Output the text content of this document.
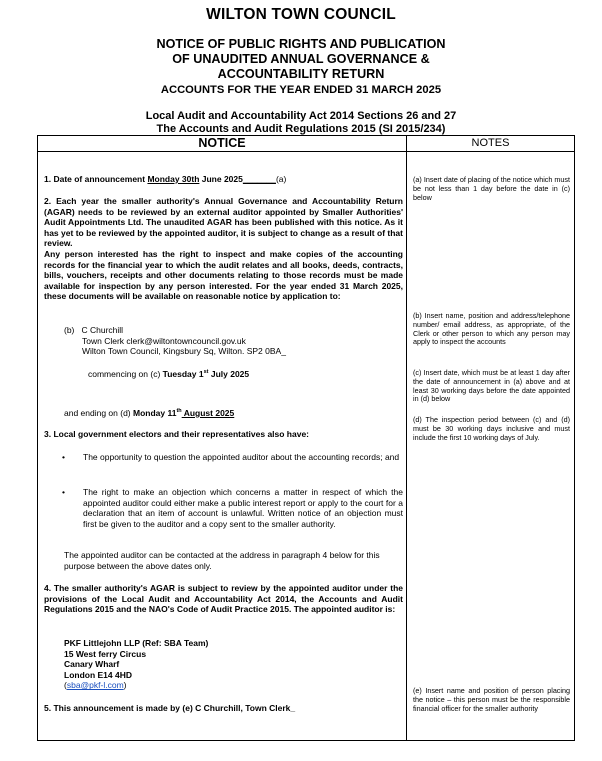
WILTON TOWN COUNCIL
NOTICE OF PUBLIC RIGHTS AND PUBLICATION
OF UNAUDITED ANNUAL GOVERNANCE &
ACCOUNTABILITY RETURN
ACCOUNTS FOR THE YEAR ENDED 31 MARCH 2025
Local Audit and Accountability Act 2014 Sections 26 and 27
The Accounts and Audit Regulations 2015 (SI 2015/234)
NOTICE	NOTES
1. Date of announcement Monday 30th June 2025_______(a)
2. Each year the smaller authority's Annual Governance and Accountability Return (AGAR) needs to be reviewed by an external auditor appointed by Smaller Authorities' Audit Appointments Ltd. The unaudited AGAR has been published with this notice. As it has yet to be reviewed by the appointed auditor, it is subject to change as a result of that review.
Any person interested has the right to inspect and make copies of the accounting records for the financial year to which the audit relates and all books, deeds, contracts, bills, vouchers, receipts and other documents relating to those records must be made available for inspection by any person interested. For the year ended 31 March 2025, these documents will be available on reasonable notice by application to:
(b) C Churchill
Town Clerk clerk@wiltontowncouncil.gov.uk
Wilton Town Council, Kingsbury Sq, Wilton. SP2 0BA_
commencing on (c) Tuesday 1st July 2025
and ending on (d) Monday 11th August 2025
3. Local government electors and their representatives also have:
• The opportunity to question the appointed auditor about the accounting records; and
• The right to make an objection which concerns a matter in respect of which the appointed auditor could either make a public interest report or apply to the court for a declaration that an item of account is unlawful. Written notice of an objection must first be given to the auditor and a copy sent to the smaller authority.
The appointed auditor can be contacted at the address in paragraph 4 below for this purpose between the above dates only.
4. The smaller authority's AGAR is subject to review by the appointed auditor under the provisions of the Local Audit and Accountability Act 2014, the Accounts and Audit Regulations 2015 and the NAO's Code of Audit Practice 2015. The appointed auditor is:
PKF Littlejohn LLP (Ref: SBA Team)
15 West ferry Circus
Canary Wharf
London E14 4HD
(sba@pkf-l.com)
5. This announcement is made by (e) C Churchill, Town Clerk_
(a) Insert date of placing of the notice which must be not less than 1 day before the date in (c) below
(b) Insert name, position and address/telephone number/ email address, as appropriate, of the Clerk or other person to which any person may apply to inspect the accounts
(c) Insert date, which must be at least 1 day after the date of announcement in (a) above and at least 30 working days before the date appointed in (d) below
(d) The inspection period between (c) and (d) must be 30 working days inclusive and must include the first 10 working days of July.
(e) Insert name and position of person placing the notice – this person must be the responsible financial officer for the smaller authority
